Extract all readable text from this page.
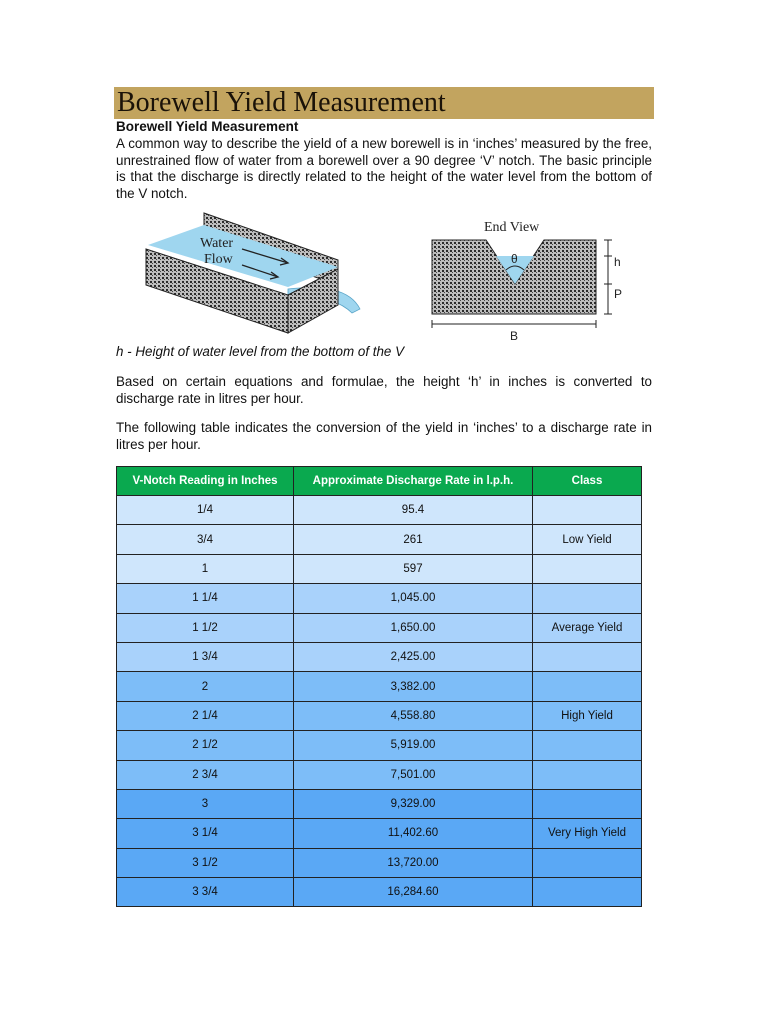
Borewell Yield Measurement
Borewell Yield Measurement
A common way to describe the yield of a new borewell is in ‘inches’ measured by the free, unrestrained flow of water from a borewell over a 90 degree ‘V’ notch. The basic principle is that the discharge is directly related to the height of the water level from the bottom of the V notch.
Water
Flow
End View
θ	h
P
B
h - Height of water level from the bottom of the V
Based on certain equations and formulae, the height ‘h’ in inches is converted to discharge rate in litres per hour.
The following table indicates the conversion of the yield in ‘inches’ to a discharge rate in litres per hour.
V-Notch Reading in Inches	Approximate Discharge Rate in l.p.h.	Class
1/4	95.4	
3/4	261	Low Yield
1	597	
1 1/4	1,045.00	
1 1/2	1,650.00	Average Yield
1 3/4	2,425.00	
2	3,382.00	
2 1/4	4,558.80	High Yield
2 1/2	5,919.00	
2 3/4	7,501.00	
3	9,329.00	
3 1/4	11,402.60	Very High Yield
3 1/2	13,720.00	
3 3/4	16,284.60	
